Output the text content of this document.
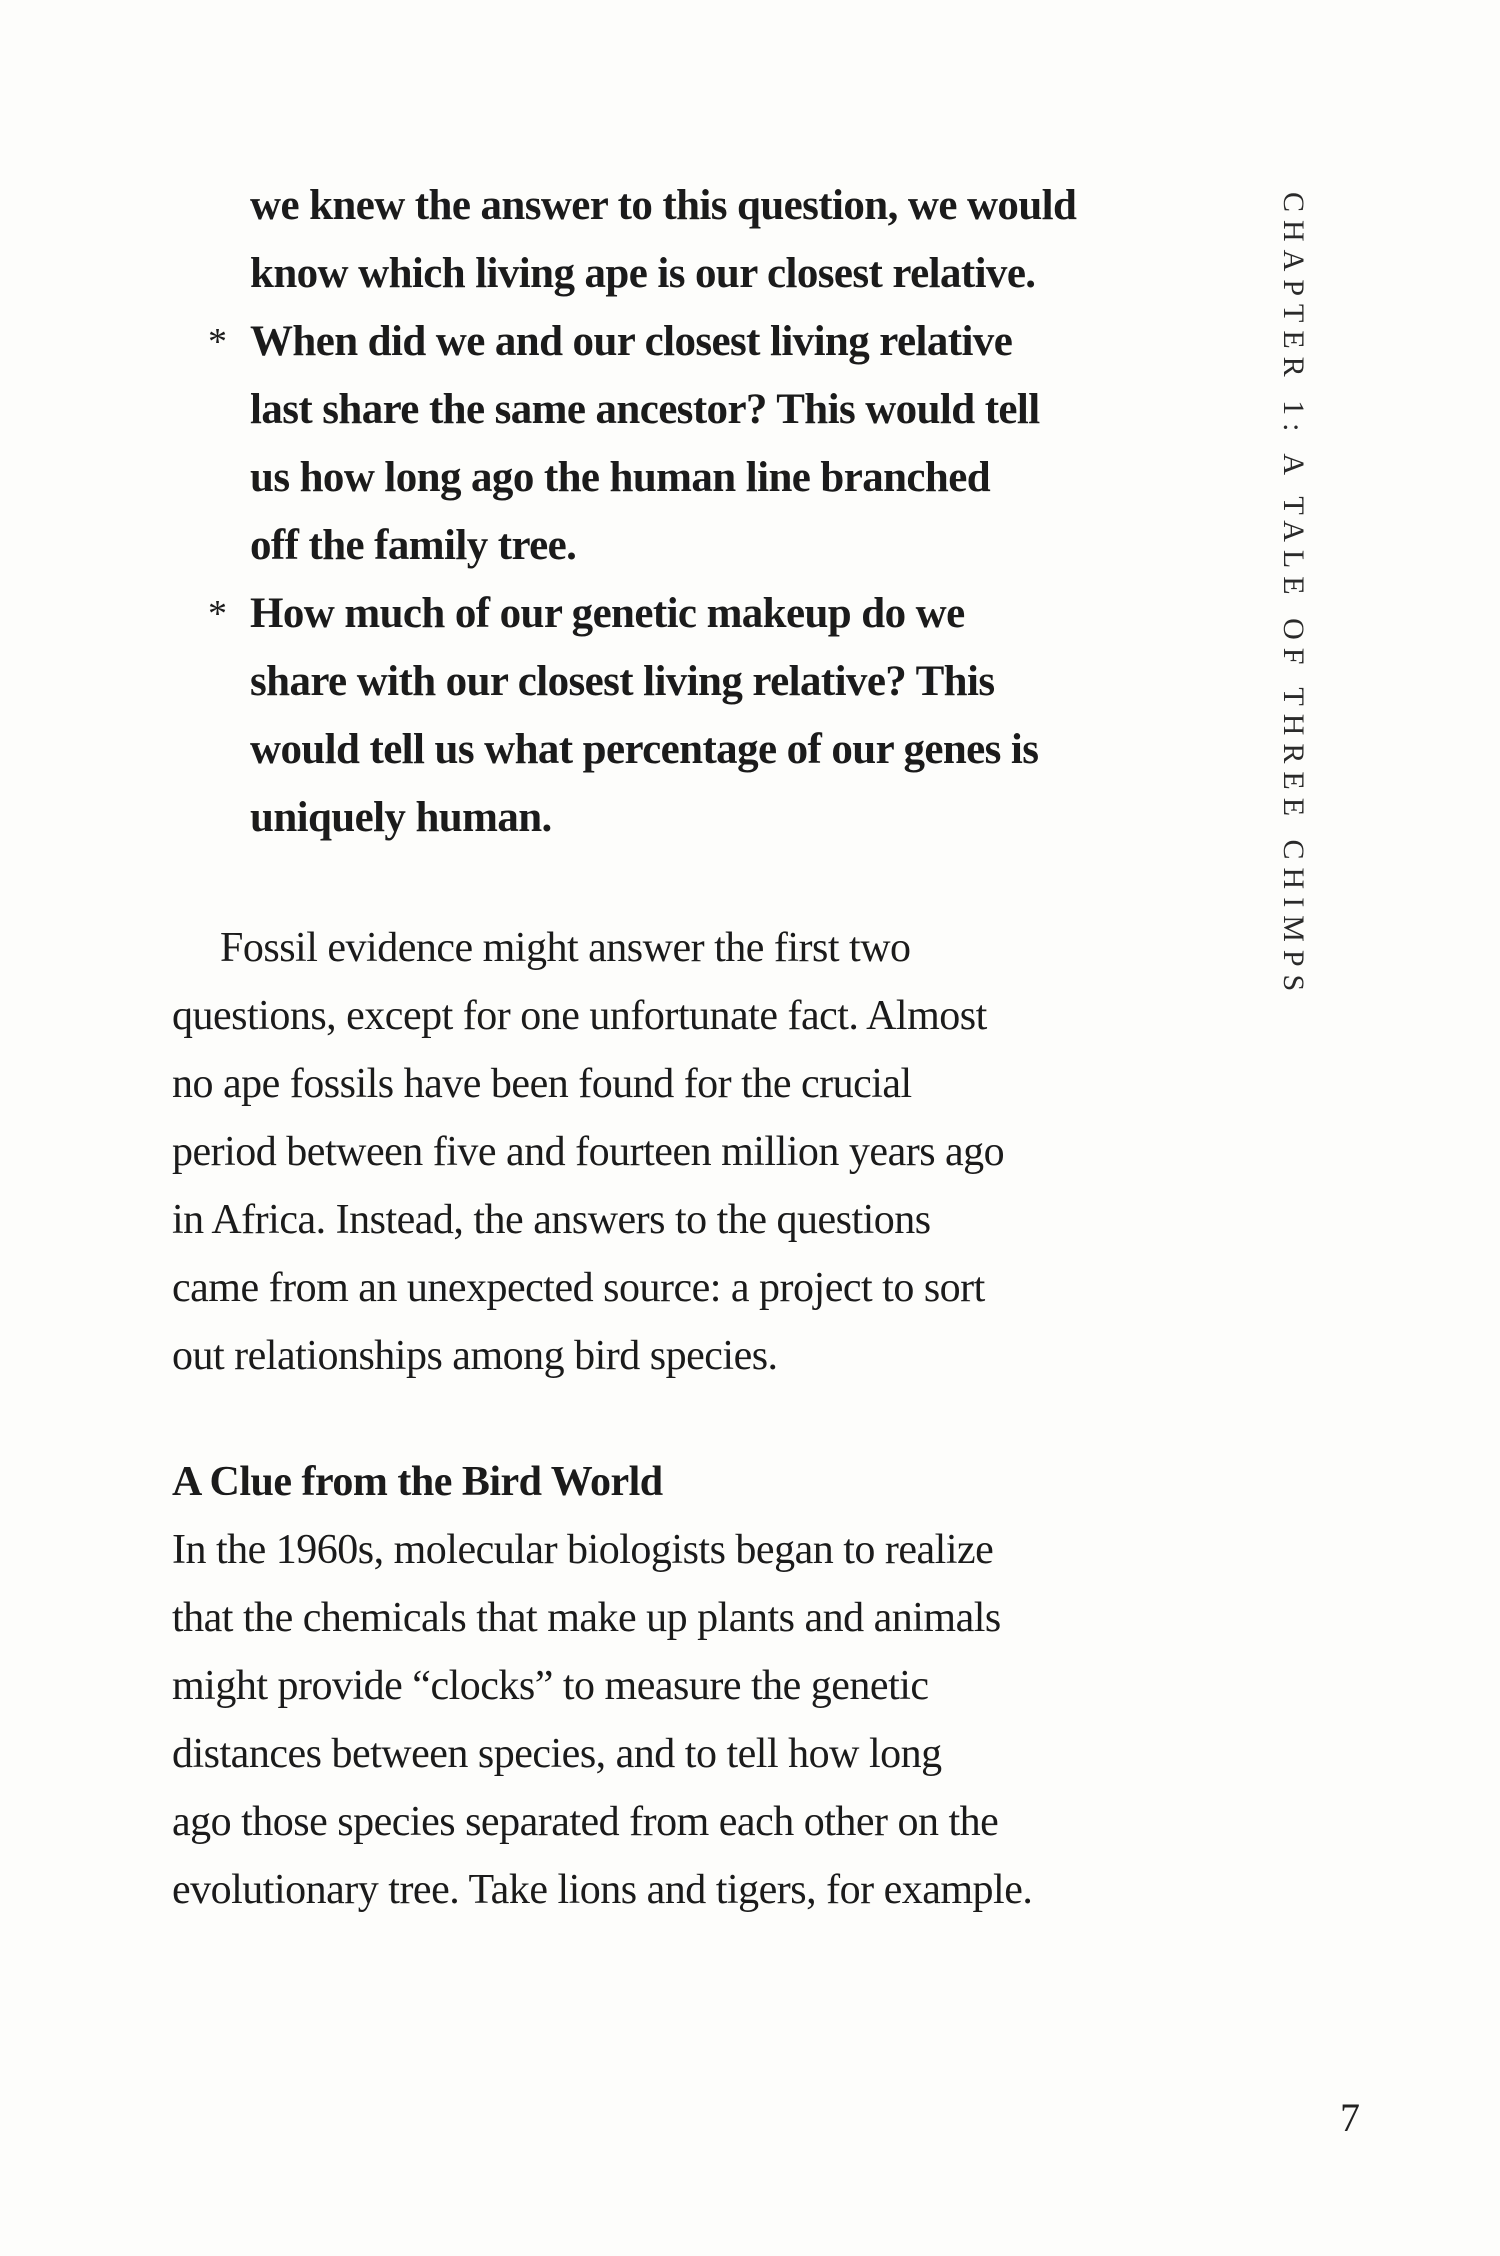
we knew the answer to this question, we would
know which living ape is our closest relative.
* When did we and our closest living relative
last share the same ancestor? This would tell
us how long ago the human line branched
off the family tree.
* How much of our genetic makeup do we
share with our closest living relative? This
would tell us what percentage of our genes is
uniquely human.
Fossil evidence might answer the first two
questions, except for one unfortunate fact. Almost
no ape fossils have been found for the crucial
period between five and fourteen million years ago
in Africa. Instead, the answers to the questions
came from an unexpected source: a project to sort
out relationships among bird species.
A Clue from the Bird World
In the 1960s, molecular biologists began to realize
that the chemicals that make up plants and animals
might provide “clocks” to measure the genetic
distances between species, and to tell how long
ago those species separated from each other on the
evolutionary tree. Take lions and tigers, for example.
CHAPTER 1: A TALE OF THREE CHIMPS
7
